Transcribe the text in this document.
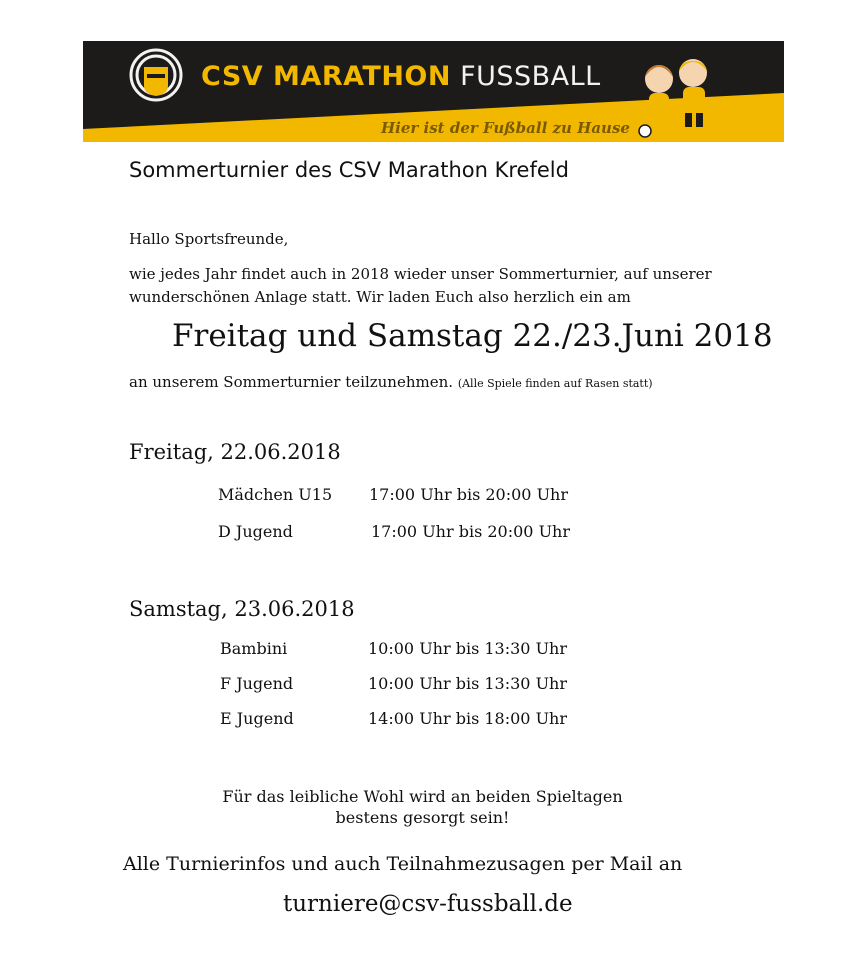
CSV MARATHON FUSSBALL
Hier ist der Fußball zu Hause
Sommerturnier des CSV Marathon Krefeld
Hallo Sportsfreunde,
wie jedes Jahr findet auch in 2018 wieder unser Sommerturnier, auf unserer
wunderschönen Anlage statt. Wir laden Euch also herzlich ein am
Freitag und Samstag 22./23.Juni 2018
an unserem Sommerturnier teilzunehmen. (Alle Spiele finden auf Rasen statt)
Freitag, 22.06.2018
Mädchen U15 17:00 Uhr bis 20:00 Uhr
D Jugend	17:00 Uhr bis 20:00 Uhr
Samstag, 23.06.2018
Bambini	10:00 Uhr bis 13:30 Uhr
F Jugend	10:00 Uhr bis 13:30 Uhr
E Jugend	14:00 Uhr bis 18:00 Uhr
Für das leibliche Wohl wird an beiden Spieltagen
bestens gesorgt sein!
Alle Turnierinfos und auch Teilnahmezusagen per Mail an
turniere@csv-fussball.de
